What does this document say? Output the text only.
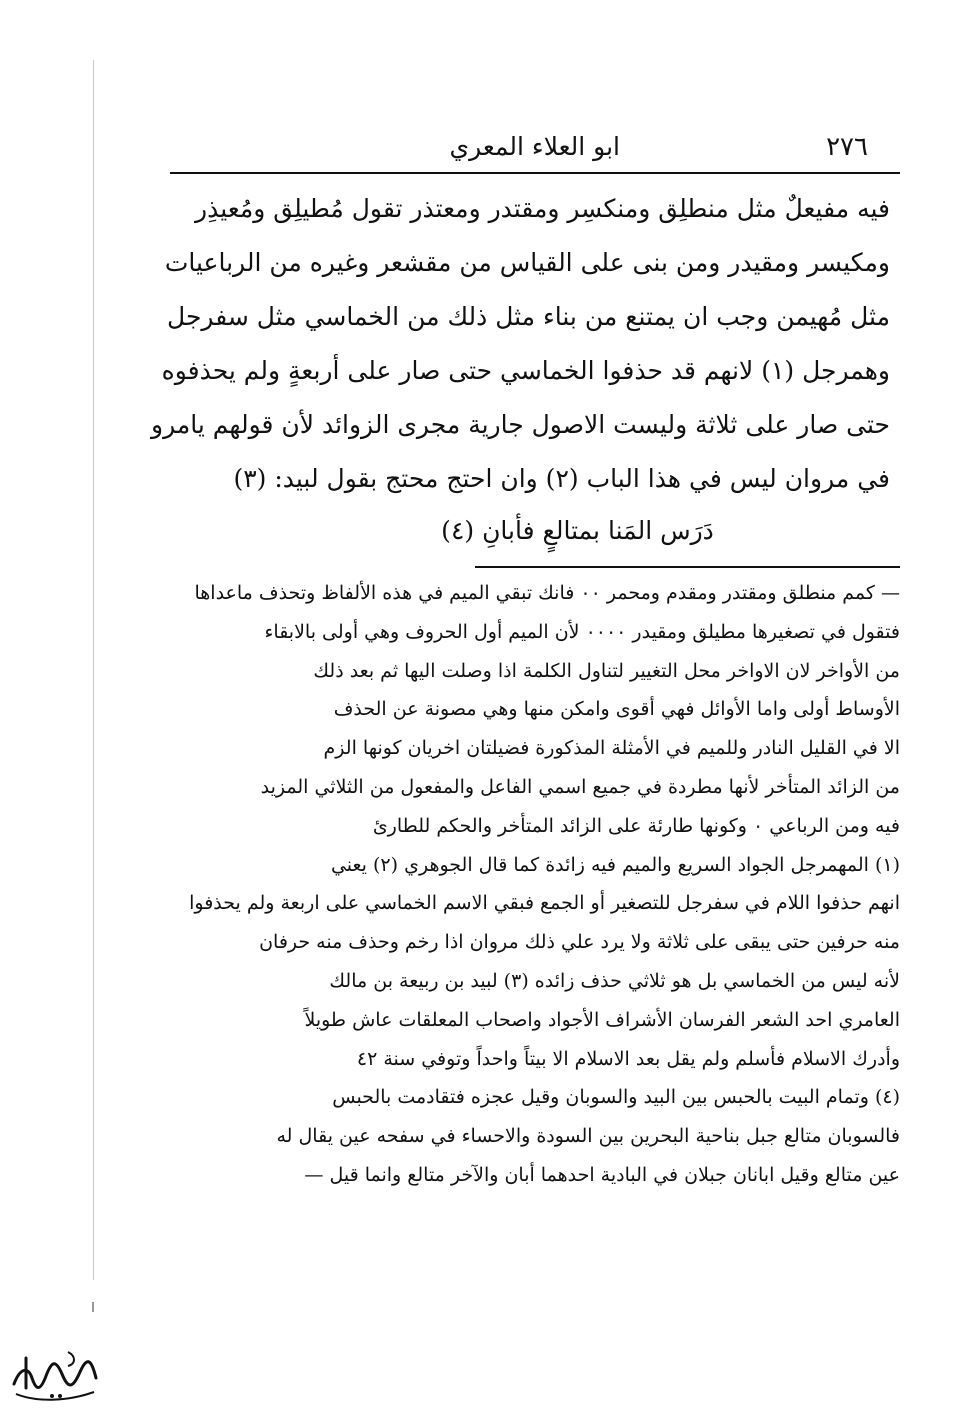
٢٧٦
ابو العلاء المعري
فيه مفيعلٌ مثل منطلِق ومنكسِر ومقتدر ومعتذر تقول مُطيلِق ومُعيذِر
ومكيسر ومقيدر ومن بنى على القياس من مقشعر وغيره من الرباعيات
مثل مُهيمن وجب ان يمتنع من بناء مثل ذلك من الخماسي مثل سفرجل
وهمرجل (١) لانهم قد حذفوا الخماسي حتى صار على أربعةٍ ولم يحذفوه
حتى صار على ثلاثة وليست الاصول جارية مجرى الزوائد لأن قولهم يامرو
في مروان ليس في هذا الباب (٢) وان احتج محتج بقول لبيد: (٣)
دَرَس المَنا بمتالعٍ فأبانِ (٤)
— كمم منطلق ومقتدر ومقدم ومحمر ٠٠ فانك تبقي الميم في هذه الألفاظ وتحذف ماعداها
فتقول في تصغيرها مطيلق ومقيدر ٠٠٠٠ لأن الميم أول الحروف وهي أولى بالابقاء
من الأواخر لان الاواخر محل التغيير لتناول الكلمة اذا وصلت اليها ثم بعد ذلك
الأوساط أولى واما الأوائل فهي أقوى وامكن منها وهي مصونة عن الحذف
الا في القليل النادر وللميم في الأمثلة المذكورة فضيلتان اخريان كونها الزم
من الزائد المتأخر لأنها مطردة في جميع اسمي الفاعل والمفعول من الثلاثي المزيد
فيه ومن الرباعي ٠ وكونها طارئة على الزائد المتأخر والحكم للطارئ
(١) المهمرجل الجواد السريع والميم فيه زائدة كما قال الجوهري (٢) يعني
انهم حذفوا اللام في سفرجل للتصغير أو الجمع فبقي الاسم الخماسي على اربعة ولم يحذفوا
منه حرفين حتى يبقى على ثلاثة ولا يرد علي ذلك مروان اذا رخم وحذف منه حرفان
لأنه ليس من الخماسي بل هو ثلاثي حذف زائده (٣) لبيد بن ربيعة بن مالك
العامري احد الشعر الفرسان الأشراف الأجواد واصحاب المعلقات عاش طويلاً
وأدرك الاسلام فأسلم ولم يقل بعد الاسلام الا بيتاً واحداً وتوفي سنة ٤٢
(٤) وتمام البيت بالحبس بين البيد والسوبان وقيل عجزه فتقادمت بالحبس
فالسوبان متالع جبل بناحية البحرين بين السودة والاحساء في سفحه عين يقال له
عين متالع وقيل ابانان جبلان في البادية احدهما أبان والآخر متالع وانما قيل —
